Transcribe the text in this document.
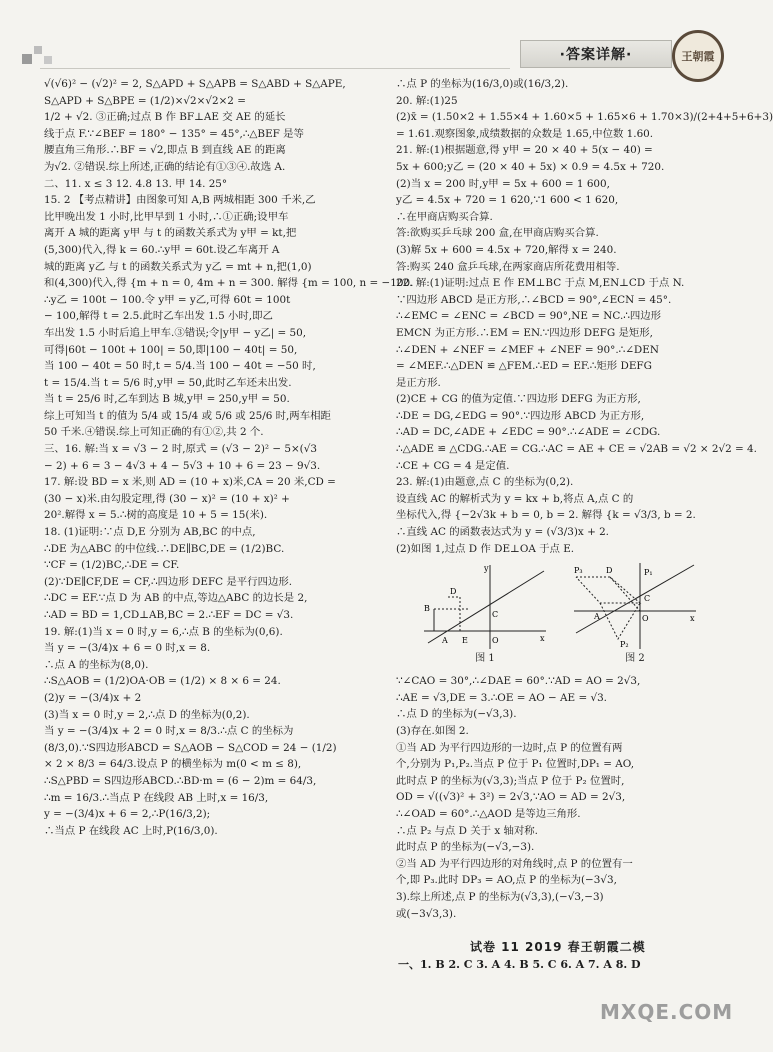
·答案详解·	王朝霞
√(√6)² − (√2)² = 2, S△APD + S△APB = S△ABD + S△APE,
S△APD + S△BPE = (1/2)×√2×√2×2 =
1/2 + √2. ③正确;过点 B 作 BF⊥AE 交 AE 的延长
线于点 F.∵∠BEF = 180° − 135° = 45°,∴△BEF 是等
腰直角三角形.∴BF = √2,即点 B 到直线 AE 的距离
为√2. ②错误.综上所述,正确的结论有①③④.故选 A.
二、11. x ≤ 3 12. 4.8 13. 甲 14. 25°
15. 2 【考点精讲】由图象可知 A,B 两城相距 300 千米,乙
比甲晚出发 1 小时,比甲早到 1 小时,∴①正确;设甲车
离开 A 城的距离 y甲 与 t 的函数关系式为 y甲 = kt,把
(5,300)代入,得 k = 60.∴y甲 = 60t.设乙车离开 A
城的距离 y乙 与 t 的函数关系式为 y乙 = mt + n,把(1,0)
和(4,300)代入,得 {m + n = 0, 4m + n = 300. 解得 {m = 100, n = −100.
∴y乙 = 100t − 100.令 y甲 = y乙,可得 60t = 100t
− 100,解得 t = 2.5.此时乙车出发 1.5 小时,即乙
车出发 1.5 小时后追上甲车.③错误;令|y甲 − y乙| = 50,
可得|60t − 100t + 100| = 50,即|100 − 40t| = 50,
当 100 − 40t = 50 时,t = 5/4.当 100 − 40t = −50 时,
t = 15/4.当 t = 5/6 时,y甲 = 50,此时乙车还未出发.
当 t = 25/6 时,乙车到达 B 城,y甲 = 250,y甲 = 50.
综上可知当 t 的值为 5/4 或 15/4 或 5/6 或 25/6 时,两车相距
50 千米.④错误.综上可知正确的有①②,共 2 个.
三、16. 解:当 x = √3 − 2 时,原式 = (√3 − 2)² − 5×(√3
− 2) + 6 = 3 − 4√3 + 4 − 5√3 + 10 + 6 = 23 − 9√3.
17. 解:设 BD = x 米,则 AD = (10 + x)米,CA = 20 米,CD =
(30 − x)米.由勾股定理,得 (30 − x)² = (10 + x)² +
20².解得 x = 5.∴树的高度是 10 + 5 = 15(米).
18. (1)证明:∵点 D,E 分别为 AB,BC 的中点,
∴DE 为△ABC 的中位线.∴DE∥BC,DE = (1/2)BC.
∵CF = (1/2)BC,∴DE = CF.
(2)∵DE∥CF,DE = CF,∴四边形 DEFC 是平行四边形.
∴DC = EF.∵点 D 为 AB 的中点,等边△ABC 的边长是 2,
∴AD = BD = 1,CD⊥AB,BC = 2.∴EF = DC = √3.
19. 解:(1)当 x = 0 时,y = 6,∴点 B 的坐标为(0,6).
当 y = −(3/4)x + 6 = 0 时,x = 8.
∴点 A 的坐标为(8,0).
∴S△AOB = (1/2)OA·OB = (1/2) × 8 × 6 = 24.
(2)y = −(3/4)x + 2
(3)当 x = 0 时,y = 2,∴点 D 的坐标为(0,2).
当 y = −(3/4)x + 2 = 0 时,x = 8/3.∴点 C 的坐标为
(8/3,0).∵S四边形ABCD = S△AOB − S△COD = 24 − (1/2)
× 2 × 8/3 = 64/3.设点 P 的横坐标为 m(0 < m ≤ 8),
∴S△PBD = S四边形ABCD.∴BD·m = (6 − 2)m = 64/3,
∴m = 16/3.∴当点 P 在线段 AB 上时,x = 16/3,
y = −(3/4)x + 6 = 2,∴P(16/3,2);
∴当点 P 在线段 AC 上时,P(16/3,0).
∴点 P 的坐标为(16/3,0)或(16/3,2).
20. 解:(1)25
(2)x̄ = (1.50×2 + 1.55×4 + 1.60×5 + 1.65×6 + 1.70×3)/(2+4+5+6+3)
= 1.61.观察图象,成绩数据的众数是 1.65,中位数 1.60.
21. 解:(1)根据题意,得 y甲 = 20 × 40 + 5(x − 40) =
5x + 600;y乙 = (20 × 40 + 5x) × 0.9 = 4.5x + 720.
(2)当 x = 200 时,y甲 = 5x + 600 = 1 600,
y乙 = 4.5x + 720 = 1 620,∵1 600 < 1 620,
∴在甲商店购买合算.
答:欲购买乒乓球 200 盒,在甲商店购买合算.
(3)解 5x + 600 = 4.5x + 720,解得 x = 240.
答:购买 240 盒乒乓球,在两家商店所花费用相等.
22. 解:(1)证明:过点 E 作 EM⊥BC 于点 M,EN⊥CD 于点 N.
∵四边形 ABCD 是正方形,∴∠BCD = 90°,∠ECN = 45°.
∴∠EMC = ∠ENC = ∠BCD = 90°,NE = NC.∴四边形
EMCN 为正方形.∴EM = EN.∵四边形 DEFG 是矩形,
∴∠DEN + ∠NEF = ∠MEF + ∠NEF = 90°.∴∠DEN
= ∠MEF.∴△DEN ≌ △FEM.∴ED = EF.∴矩形 DEFG
是正方形.
(2)CE + CG 的值为定值.∵四边形 DEFG 为正方形,
∴DE = DG,∠EDG = 90°.∵四边形 ABCD 为正方形,
∴AD = DC,∠ADE + ∠EDC = 90°.∴∠ADE = ∠CDG.
∴△ADE ≌ △CDG.∴AE = CG.∴AC = AE + CE = √2AB = √2 × 2√2 = 4.
∴CE + CG = 4 是定值.
23. 解:(1)由题意,点 C 的坐标为(0,2).
设直线 AC 的解析式为 y = kx + b,将点 A,点 C 的
坐标代入,得 {−2√3k + b = 0, b = 2. 解得 {k = √3/3, b = 2.
∴直线 AC 的函数表达式为 y = (√3/3)x + 2.
(2)如图 1,过点 D 作 DE⊥OA 于点 E.
D
B
C
A E	O	x
y
图 1
P₃	D	P₁
C
A	O
P₂
x
图 2
∵∠CAO = 30°,∴∠DAE = 60°.∵AD = AO = 2√3,
∴AE = √3,DE = 3.∴OE = AO − AE = √3.
∴点 D 的坐标为(−√3,3).
(3)存在.如图 2.
①当 AD 为平行四边形的一边时,点 P 的位置有两
个,分别为 P₁,P₂.当点 P 位于 P₁ 位置时,DP₁ = AO,
此时点 P 的坐标为(√3,3);当点 P 位于 P₂ 位置时,
OD = √((√3)² + 3²) = 2√3,∵AO = AD = 2√3,
∴∠OAD = 60°.∴△AOD 是等边三角形.
∴点 P₂ 与点 D 关于 x 轴对称.
此时点 P 的坐标为(−√3,−3).
②当 AD 为平行四边形的对角线时,点 P 的位置有一
个,即 P₃.此时 DP₃ = AO,点 P 的坐标为(−3√3,
3).综上所述,点 P 的坐标为(√3,3),(−√3,−3)
或(−3√3,3).
试卷 11 2019 春王朝霞二模
一、1. B 2. C 3. A 4. B 5. C 6. A 7. A 8. D
MXQE.COM
